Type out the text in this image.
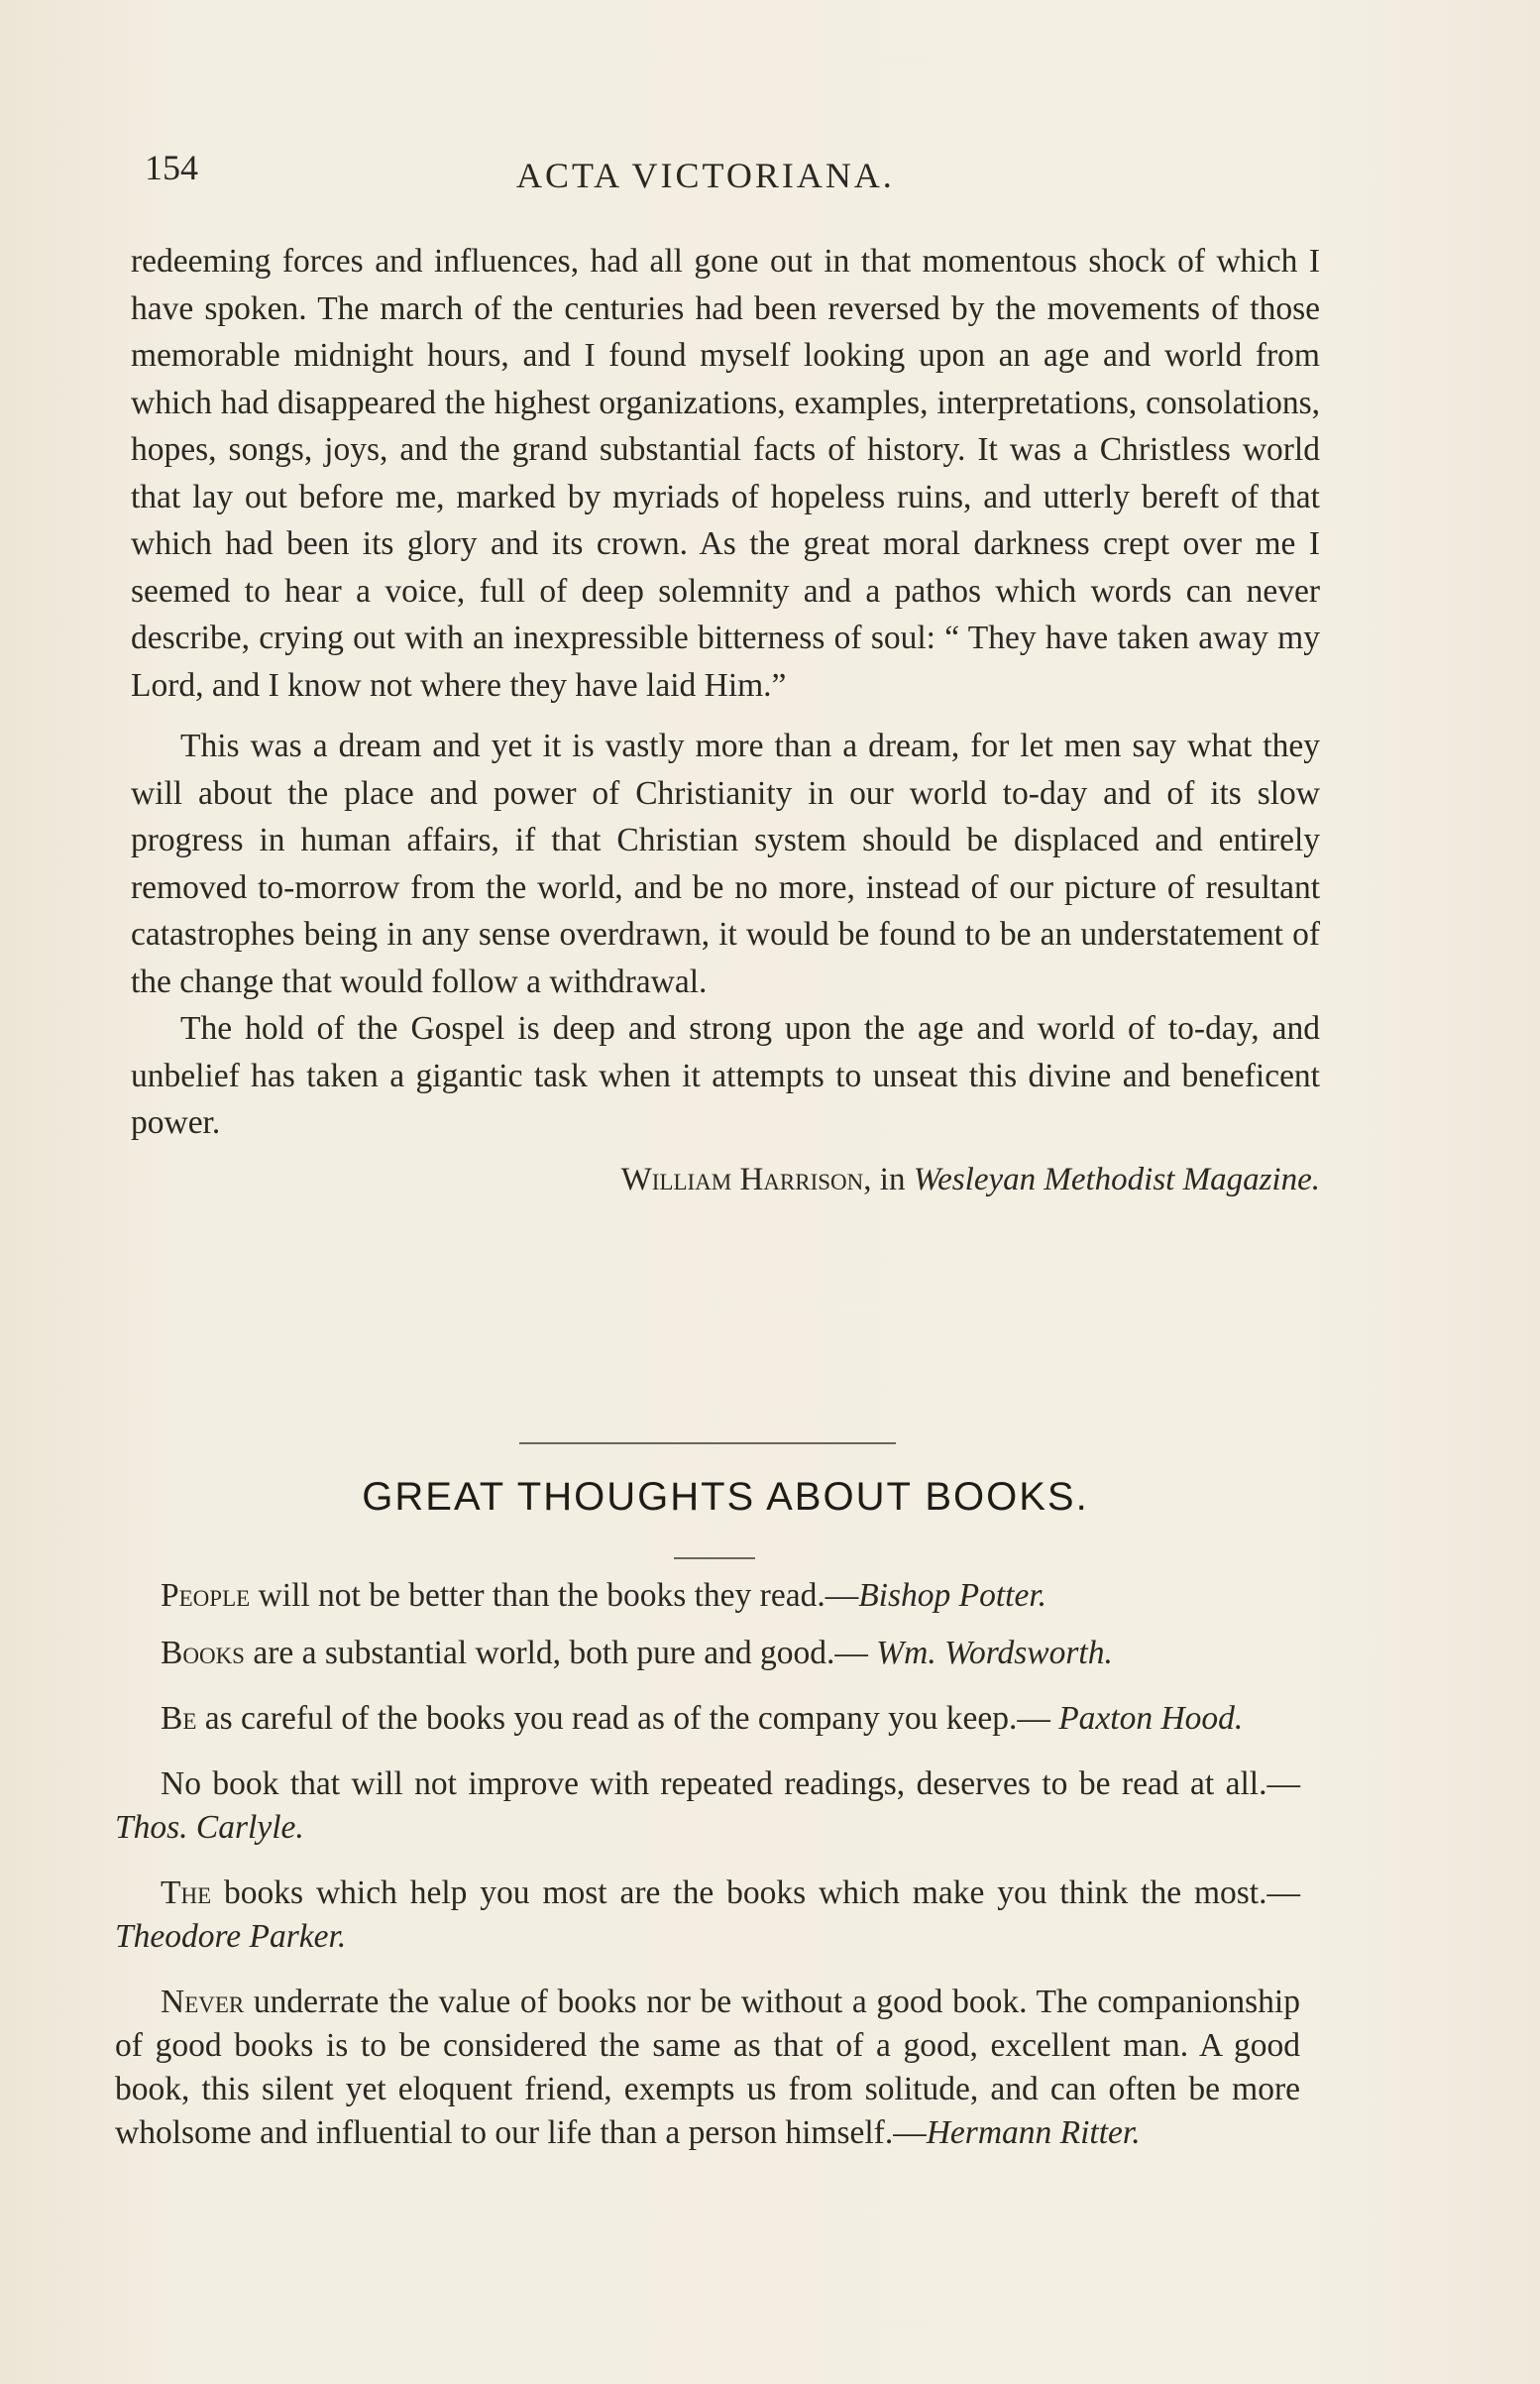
154	ACTA VICTORIANA.

redeeming forces and influences, had all gone out in that momentous shock of which I have spoken. The march of the centuries had been reversed by the movements of those memorable midnight hours, and I found myself looking upon an age and world from which had disappeared the highest organizations, examples, interpretations, consolations, hopes, songs, joys, and the grand substantial facts of history. It was a Christless world that lay out before me, marked by myriads of hopeless ruins, and utterly bereft of that which had been its glory and its crown. As the great moral darkness crept over me I seemed to hear a voice, full of deep solemnity and a pathos which words can never describe, crying out with an inexpressible bitterness of soul: “ They have taken away my Lord, and I know not where they have laid Him.”

This was a dream and yet it is vastly more than a dream, for let men say what they will about the place and power of Christianity in our world to-day and of its slow progress in human affairs, if that Christian system should be displaced and entirely removed to-morrow from the world, and be no more, instead of our picture of resultant catastrophes being in any sense overdrawn, it would be found to be an understatement of the change that would follow a withdrawal.

The hold of the Gospel is deep and strong upon the age and world of to-day, and unbelief has taken a gigantic task when it attempts to unseat this divine and beneficent power.

William Harrison, in Wesleyan Methodist Magazine.

GREAT THOUGHTS ABOUT BOOKS.

People will not be better than the books they read.—Bishop Potter.

Books are a substantial world, both pure and good.— Wm. Wordsworth.

Be as careful of the books you read as of the company you keep.— Paxton Hood.

No book that will not improve with repeated readings, deserves to be read at all.—Thos. Carlyle.

The books which help you most are the books which make you think the most.—Theodore Parker.

Never underrate the value of books nor be without a good book. The companionship of good books is to be considered the same as that of a good, excellent man. A good book, this silent yet eloquent friend, exempts us from solitude, and can often be more wholsome and influential to our life than a person himself.—Hermann Ritter.
